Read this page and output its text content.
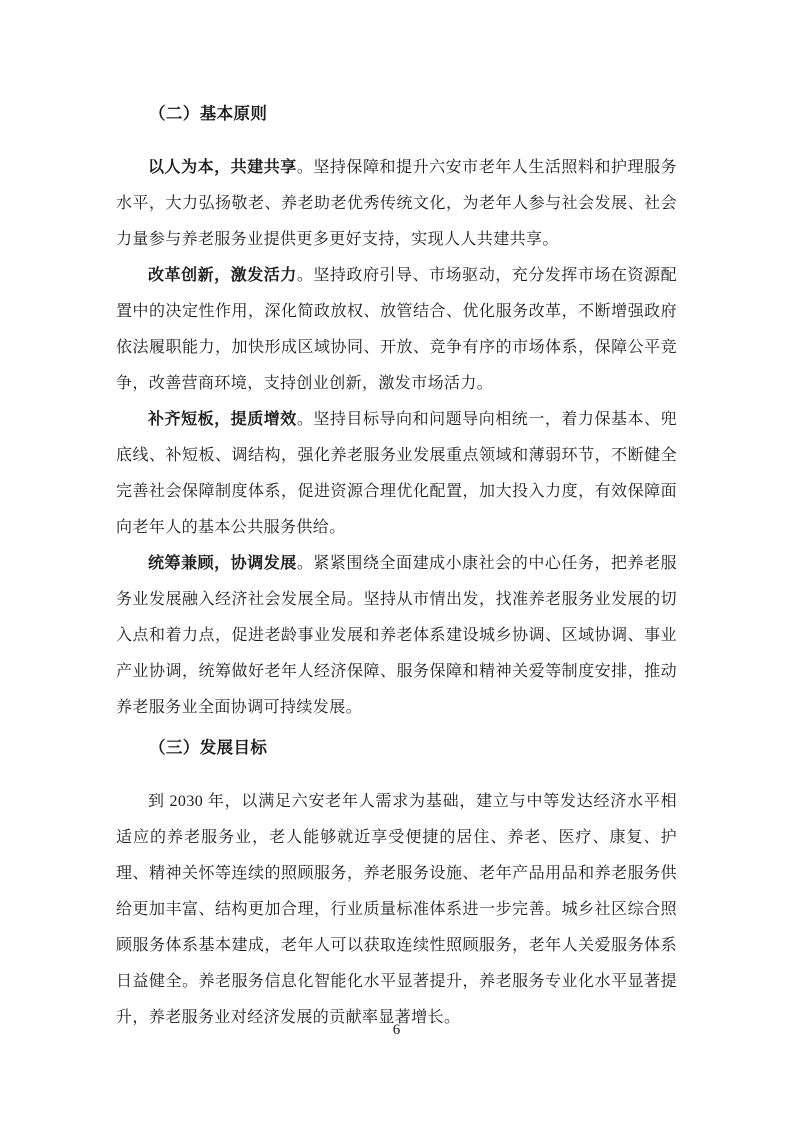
（二）基本原则

以人为本，共建共享。坚持保障和提升六安市老年人生活照料和护理服务水平，大力弘扬敬老、养老助老优秀传统文化，为老年人参与社会发展、社会力量参与养老服务业提供更多更好支持，实现人人共建共享。

改革创新，激发活力。坚持政府引导、市场驱动，充分发挥市场在资源配置中的决定性作用，深化简政放权、放管结合、优化服务改革，不断增强政府依法履职能力，加快形成区域协同、开放、竞争有序的市场体系，保障公平竞争，改善营商环境，支持创业创新，激发市场活力。

补齐短板，提质增效。坚持目标导向和问题导向相统一，着力保基本、兜底线、补短板、调结构，强化养老服务业发展重点领域和薄弱环节，不断健全完善社会保障制度体系，促进资源合理优化配置，加大投入力度，有效保障面向老年人的基本公共服务供给。

统筹兼顾，协调发展。紧紧围绕全面建成小康社会的中心任务，把养老服务业发展融入经济社会发展全局。坚持从市情出发，找准养老服务业发展的切入点和着力点，促进老龄事业发展和养老体系建设城乡协调、区域协调、事业产业协调，统筹做好老年人经济保障、服务保障和精神关爱等制度安排，推动养老服务业全面协调可持续发展。

（三）发展目标

到 2030 年，以满足六安老年人需求为基础，建立与中等发达经济水平相适应的养老服务业，老人能够就近享受便捷的居住、养老、医疗、康复、护理、精神关怀等连续的照顾服务，养老服务设施、老年产品用品和养老服务供给更加丰富、结构更加合理，行业质量标准体系进一步完善。城乡社区综合照顾服务体系基本建成，老年人可以获取连续性照顾服务，老年人关爱服务体系日益健全。养老服务信息化智能化水平显著提升，养老服务专业化水平显著提升，养老服务业对经济发展的贡献率显著增长。

6
